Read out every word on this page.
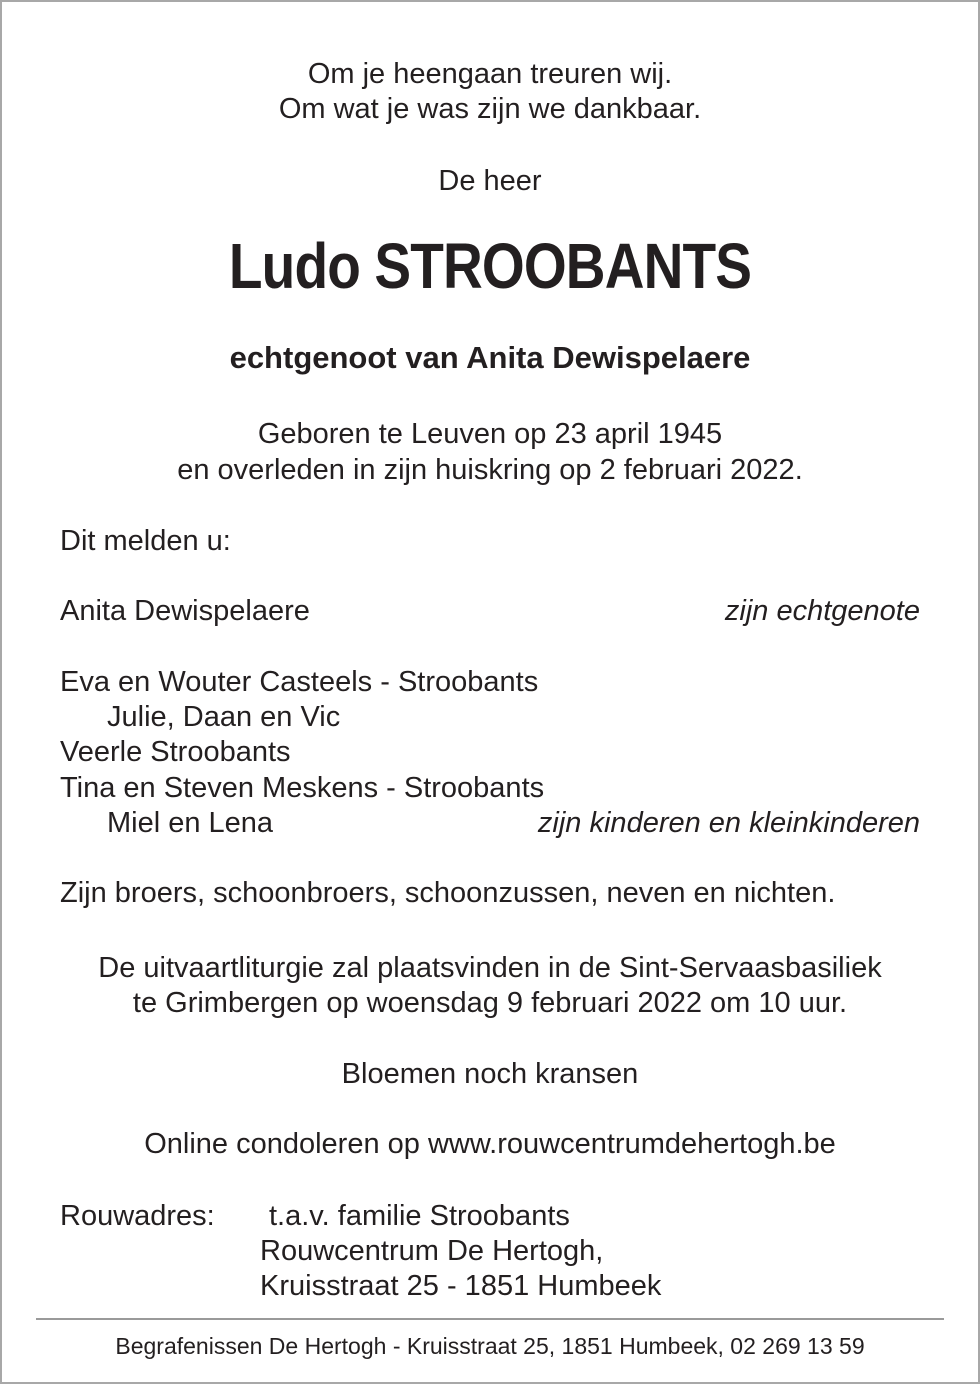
Om je heengaan treuren wij.
Om wat je was zijn we dankbaar.
De heer
Ludo STROOBANTS
echtgenoot van Anita Dewispelaere
Geboren te Leuven op 23 april 1945
en overleden in zijn huiskring op 2 februari 2022.
Dit melden u:
Anita Dewispelaere	zijn echtgenote
Eva en Wouter Casteels - Stroobants
Julie, Daan en Vic
Veerle Stroobants
Tina en Steven Meskens - Stroobants
Miel en Lena	zijn kinderen en kleinkinderen
Zijn broers, schoonbroers, schoonzussen, neven en nichten.
De uitvaartliturgie zal plaatsvinden in de Sint-Servaasbasiliek
te Grimbergen op woensdag 9 februari 2022 om 10 uur.
Bloemen noch kransen
Online condoleren op www.rouwcentrumdehertogh.be
Rouwadres: t.a.v. familie Stroobants
Rouwcentrum De Hertogh,
Kruisstraat 25 - 1851 Humbeek
Begrafenissen De Hertogh - Kruisstraat 25, 1851 Humbeek, 02 269 13 59
